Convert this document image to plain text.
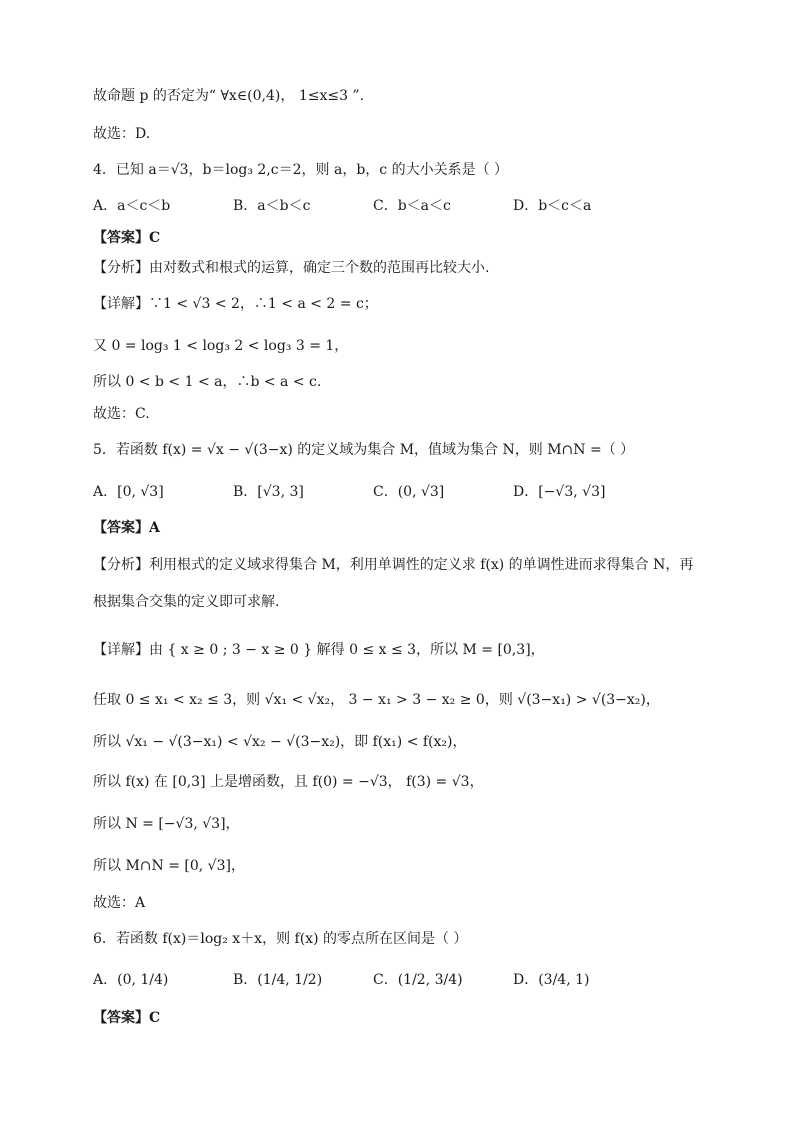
故命题 p 的否定为“ ∀x∈(0,4)， 1≤x≤3 ”.
故选：D.
4．已知 a＝√3，b＝log₃ 2,c＝2，则 a，b，c 的大小关系是（ ）
A．a＜c＜b	B．a＜b＜c	C．b＜a＜c	D．b＜c＜a
【答案】C
【分析】由对数式和根式的运算，确定三个数的范围再比较大小.
【详解】∵1 < √3 < 2，∴1 < a < 2 = c；
又 0 = log₃ 1 < log₃ 2 < log₃ 3 = 1，
所以 0 < b < 1 < a，∴b < a < c.
故选：C.
5．若函数 f(x) = √x − √(3−x) 的定义域为集合 M，值域为集合 N，则 M∩N =（ ）
A．[0, √3]	B．[√3, 3]	C．(0, √3]	D．[−√3, √3]
【答案】A
【分析】利用根式的定义域求得集合 M，利用单调性的定义求 f(x) 的单调性进而求得集合 N，再
根据集合交集的定义即可求解.
【详解】由 { x ≥ 0 ; 3 − x ≥ 0 } 解得 0 ≤ x ≤ 3，所以 M = [0,3]，
任取 0 ≤ x₁ < x₂ ≤ 3，则 √x₁ < √x₂， 3 − x₁ > 3 − x₂ ≥ 0，则 √(3−x₁) > √(3−x₂)，
所以 √x₁ − √(3−x₁) < √x₂ − √(3−x₂)，即 f(x₁) < f(x₂)，
所以 f(x) 在 [0,3] 上是增函数，且 f(0) = −√3， f(3) = √3，
所以 N = [−√3, √3]，
所以 M∩N = [0, √3]，
故选：A
6．若函数 f(x)＝log₂ x＋x，则 f(x) 的零点所在区间是（ ）
A．(0, 1/4)	B．(1/4, 1/2)	C．(1/2, 3/4)	D．(3/4, 1)
【答案】C
